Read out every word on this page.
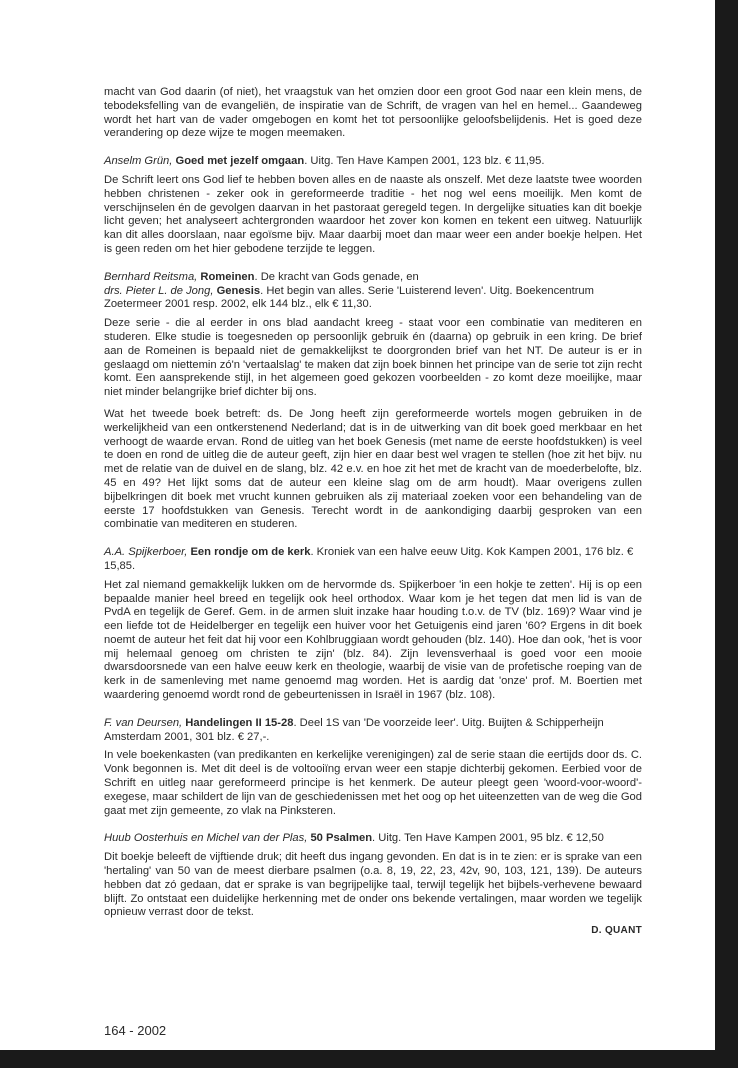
macht van God daarin (of niet), het vraagstuk van het omzien door een groot God naar een klein mens, de tebodeksfelling van de evangeliën, de inspiratie van de Schrift, de vragen van hel en hemel... Gaandeweg wordt het hart van de vader omgebogen en komt het tot persoonlijke geloofsbelijdenis. Het is goed deze verandering op deze wijze te mogen meemaken.

Anselm Grün, Goed met jezelf omgaan. Uitg. Ten Have Kampen 2001, 123 blz. € 11,95.

De Schrift leert ons God lief te hebben boven alles en de naaste als onszelf. Met deze laatste twee woorden hebben christenen - zeker ook in gereformeerde traditie - het nog wel eens moeilijk. Men komt de verschijnselen én de gevolgen daarvan in het pastoraat geregeld tegen. In dergelijke situaties kan dit boekje licht geven; het analyseert achtergronden waardoor het zover kon komen en tekent een uitweg. Natuurlijk kan dit alles doorslaan, naar egoïsme bijv. Maar daarbij moet dan maar weer een ander boekje helpen. Het is geen reden om het hier gebodene terzijde te leggen.

Bernhard Reitsma, Romeinen. De kracht van Gods genade, en
drs. Pieter L. de Jong, Genesis. Het begin van alles. Serie 'Luisterend leven'. Uitg. Boekencentrum Zoetermeer 2001 resp. 2002, elk 144 blz., elk € 11,30.

Deze serie - die al eerder in ons blad aandacht kreeg - staat voor een combinatie van mediteren en studeren. Elke studie is toegesneden op persoonlijk gebruik én (daarna) op gebruik in een kring. De brief aan de Romeinen is bepaald niet de gemakkelijkst te doorgronden brief van het NT. De auteur is er in geslaagd om niettemin zó'n 'vertaalslag' te maken dat zijn boek binnen het principe van de serie tot zijn recht komt. Een aansprekende stijl, in het algemeen goed gekozen voorbeelden - zo komt deze moeilijke, maar niet minder belangrijke brief dichter bij ons.

Wat het tweede boek betreft: ds. De Jong heeft zijn gereformeerde wortels mogen gebruiken in de werkelijkheid van een ontkerstenend Nederland; dat is in de uitwerking van dit boek goed merkbaar en het verhoogt de waarde ervan. Rond de uitleg van het boek Genesis (met name de eerste hoofdstukken) is veel te doen en rond de uitleg die de auteur geeft, zijn hier en daar best wel vragen te stellen (hoe zit het bijv. nu met de relatie van de duivel en de slang, blz. 42 e.v. en hoe zit het met de kracht van de moederbelofte, blz. 45 en 49? Het lijkt soms dat de auteur een kleine slag om de arm houdt). Maar overigens zullen bijbelkringen dit boek met vrucht kunnen gebruiken als zij materiaal zoeken voor een behandeling van de eerste 17 hoofdstukken van Genesis. Terecht wordt in de aankondiging daarbij gesproken van een combinatie van mediteren en studeren.

A.A. Spijkerboer, Een rondje om de kerk. Kroniek van een halve eeuw Uitg. Kok Kampen 2001, 176 blz. € 15,85.

Het zal niemand gemakkelijk lukken om de hervormde ds. Spijkerboer 'in een hokje te zetten'. Hij is op een bepaalde manier heel breed en tegelijk ook heel orthodox. Waar kom je het tegen dat men lid is van de PvdA en tegelijk de Geref. Gem. in de armen sluit inzake haar houding t.o.v. de TV (blz. 169)? Waar vind je een liefde tot de Heidelberger en tegelijk een huiver voor het Getuigenis eind jaren '60? Ergens in dit boek noemt de auteur het feit dat hij voor een Kohlbruggiaan wordt gehouden (blz. 140). Hoe dan ook, 'het is voor mij helemaal genoeg om christen te zijn' (blz. 84). Zijn levensverhaal is goed voor een mooie dwarsdoorsnede van een halve eeuw kerk en theologie, waarbij de visie van de profetische roeping van de kerk in de samenleving met name genoemd mag worden. Het is aardig dat 'onze' prof. M. Boertien met waardering genoemd wordt rond de gebeurtenissen in Israël in 1967 (blz. 108).

F. van Deursen, Handelingen II 15-28. Deel 1S van 'De voorzeide leer'. Uitg. Buijten & Schipperheijn Amsterdam 2001, 301 blz. € 27,-.

In vele boekenkasten (van predikanten en kerkelijke verenigingen) zal de serie staan die eertijds door ds. C. Vonk begonnen is. Met dit deel is de voltooiïng ervan weer een stapje dichterbij gekomen. Eerbied voor de Schrift en uitleg naar gereformeerd principe is het kenmerk. De auteur pleegt geen 'woord-voor-woord'-exegese, maar schildert de lijn van de geschiedenissen met het oog op het uiteenzetten van de weg die God gaat met zijn gemeente, zo vlak na Pinksteren.

Huub Oosterhuis en Michel van der Plas, 50 Psalmen. Uitg. Ten Have Kampen 2001, 95 blz. € 12,50

Dit boekje beleeft de vijftiende druk; dit heeft dus ingang gevonden. En dat is in te zien: er is sprake van een 'hertaling' van 50 van de meest dierbare psalmen (o.a. 8, 19, 22, 23, 42v, 90, 103, 121, 139). De auteurs hebben dat zó gedaan, dat er sprake is van begrijpelijke taal, terwijl tegelijk het bijbels-verhevene bewaard blijft. Zo ontstaat een duidelijke herkenning met de onder ons bekende vertalingen, maar worden we tegelijk opnieuw verrast door de tekst.

D. QUANT
164 - 2002
